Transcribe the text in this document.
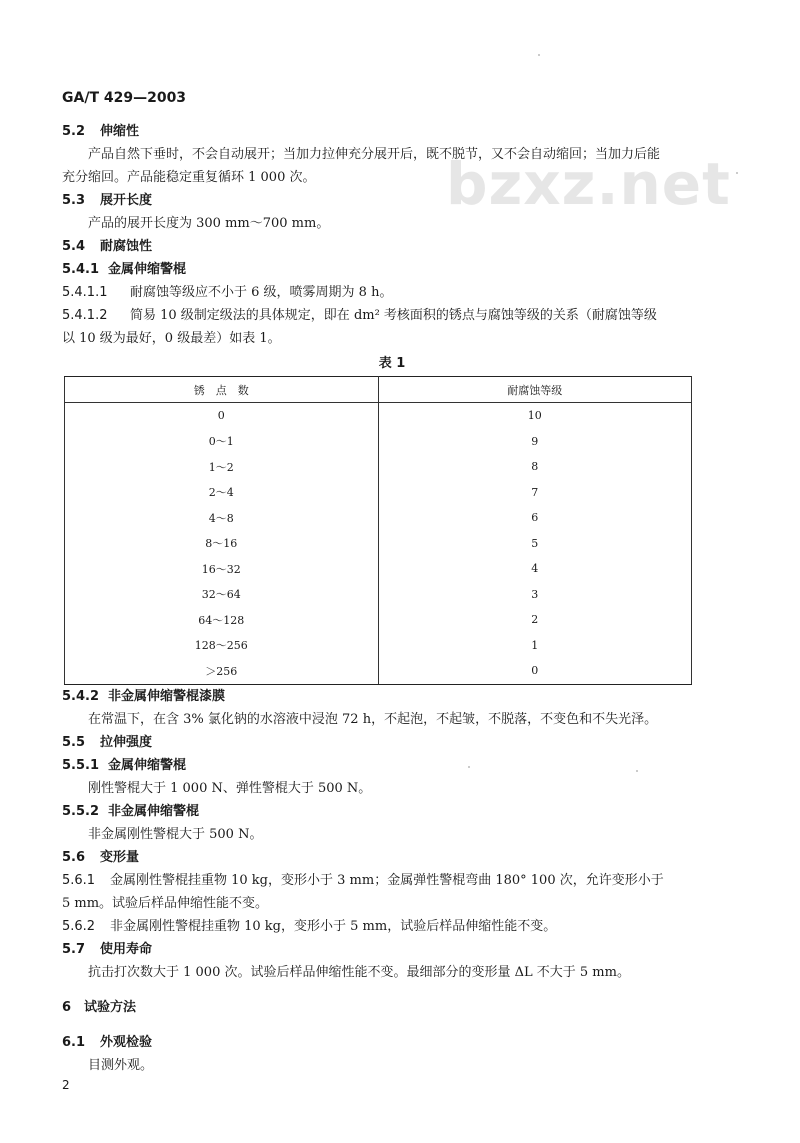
bzxz.net
GA/T 429—2003
5.2 伸缩性
产品自然下垂时，不会自动展开；当加力拉伸充分展开后，既不脱节，又不会自动缩回；当加力后能
充分缩回。产品能稳定重复循环 1 000 次。
5.3 展开长度
产品的展开长度为 300 mm～700 mm。
5.4 耐腐蚀性
5.4.1 金属伸缩警棍
5.4.1.1 耐腐蚀等级应不小于 6 级，喷雾周期为 8 h。
5.4.1.2 简易 10 级制定级法的具体规定，即在 dm² 考核面积的锈点与腐蚀等级的关系（耐腐蚀等级
以 10 级为最好，0 级最差）如表 1。
表 1
锈　点　数	耐腐蚀等级
0	10
0～1	9
1～2	8
2～4	7
4～8	6
8～16	5
16～32	4
32～64	3
64～128	2
128～256	1
＞256	0
5.4.2 非金属伸缩警棍漆膜
在常温下，在含 3% 氯化钠的水溶液中浸泡 72 h，不起泡，不起皱，不脱落，不变色和不失光泽。
5.5 拉伸强度
5.5.1 金属伸缩警棍
刚性警棍大于 1 000 N、弹性警棍大于 500 N。
5.5.2 非金属伸缩警棍
非金属刚性警棍大于 500 N。
5.6 变形量
5.6.1 金属刚性警棍挂重物 10 kg，变形小于 3 mm；金属弹性警棍弯曲 180° 100 次，允许变形小于
5 mm。试验后样品伸缩性能不变。
5.6.2 非金属刚性警棍挂重物 10 kg，变形小于 5 mm，试验后样品伸缩性能不变。
5.7 使用寿命
抗击打次数大于 1 000 次。试验后样品伸缩性能不变。最细部分的变形量 ΔL 不大于 5 mm。
6 试验方法
6.1 外观检验
目测外观。
2
